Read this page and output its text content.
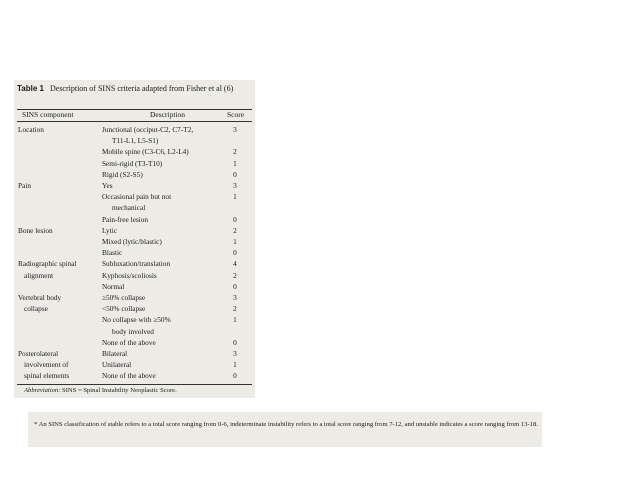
Table 1 Description of SINS criteria adapted from Fisher et al (6)
SINS component	Description	Score
Location	Junctional (occiput-C2, C7-T2,	3
T11-L1, L5-S1)
Mobile spine (C3-C6, L2-L4)	2
Semi-rigid (T3-T10)	1
Rigid (S2-S5)	0
Pain	Yes	3
Occasional pain but not	1
mechanical
Pain-free lesion	0
Bone lesion	Lytic	2
Mixed (lytic/blastic)	1
Blastic	0
Radiographic spinal	Subluxation/translation	4
alignment	Kyphosis/scoliosis	2
Normal	0
Vertebral body	≥50% collapse	3
collapse	<50% collapse	2
No collapse with ≥50%	1
body involved
None of the above	0
Posterolateral	Bilateral	3
involvement of	Unilateral	1
spinal elements	None of the above	0
Abbreviation: SINS = Spinal Instability Neoplastic Score.
* An SINS classification of stable refers to a total score ranging from 0-6, indeterminate instability refers to a total score ranging from 7-12, and unstable indicates a score ranging from 13-18.
